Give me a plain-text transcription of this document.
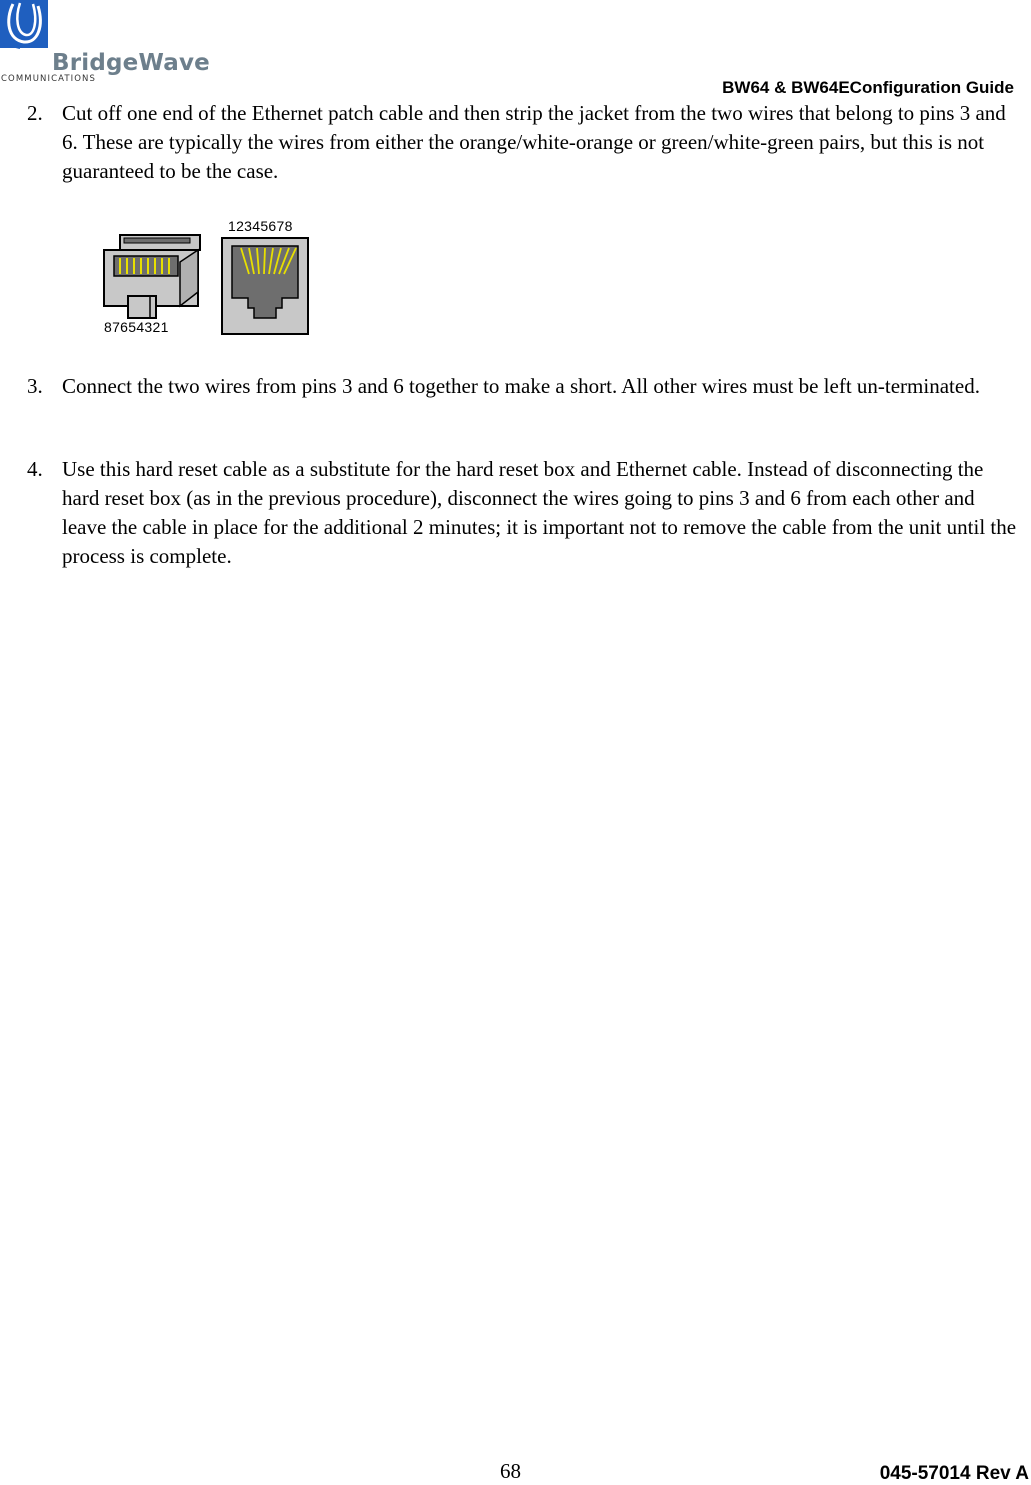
BridgeWave
COMMUNICATIONS	BW64 & BW64EConfiguration Guide
2. Cut off one end of the Ethernet patch cable and then strip the jacket from the two wires that belong to pins 3 and 6. These are typically the wires from either the orange/white-orange or green/white-green pairs, but this is not guaranteed to be the case.
12345678
87654321
3. Connect the two wires from pins 3 and 6 together to make a short. All other wires must be left un-terminated.
4. Use this hard reset cable as a substitute for the hard reset box and Ethernet cable. Instead of disconnecting the hard reset box (as in the previous procedure), disconnect the wires going to pins 3 and 6 from each other and leave the cable in place for the additional 2 minutes; it is important not to remove the cable from the unit until the process is complete.
68	045-57014 Rev A
